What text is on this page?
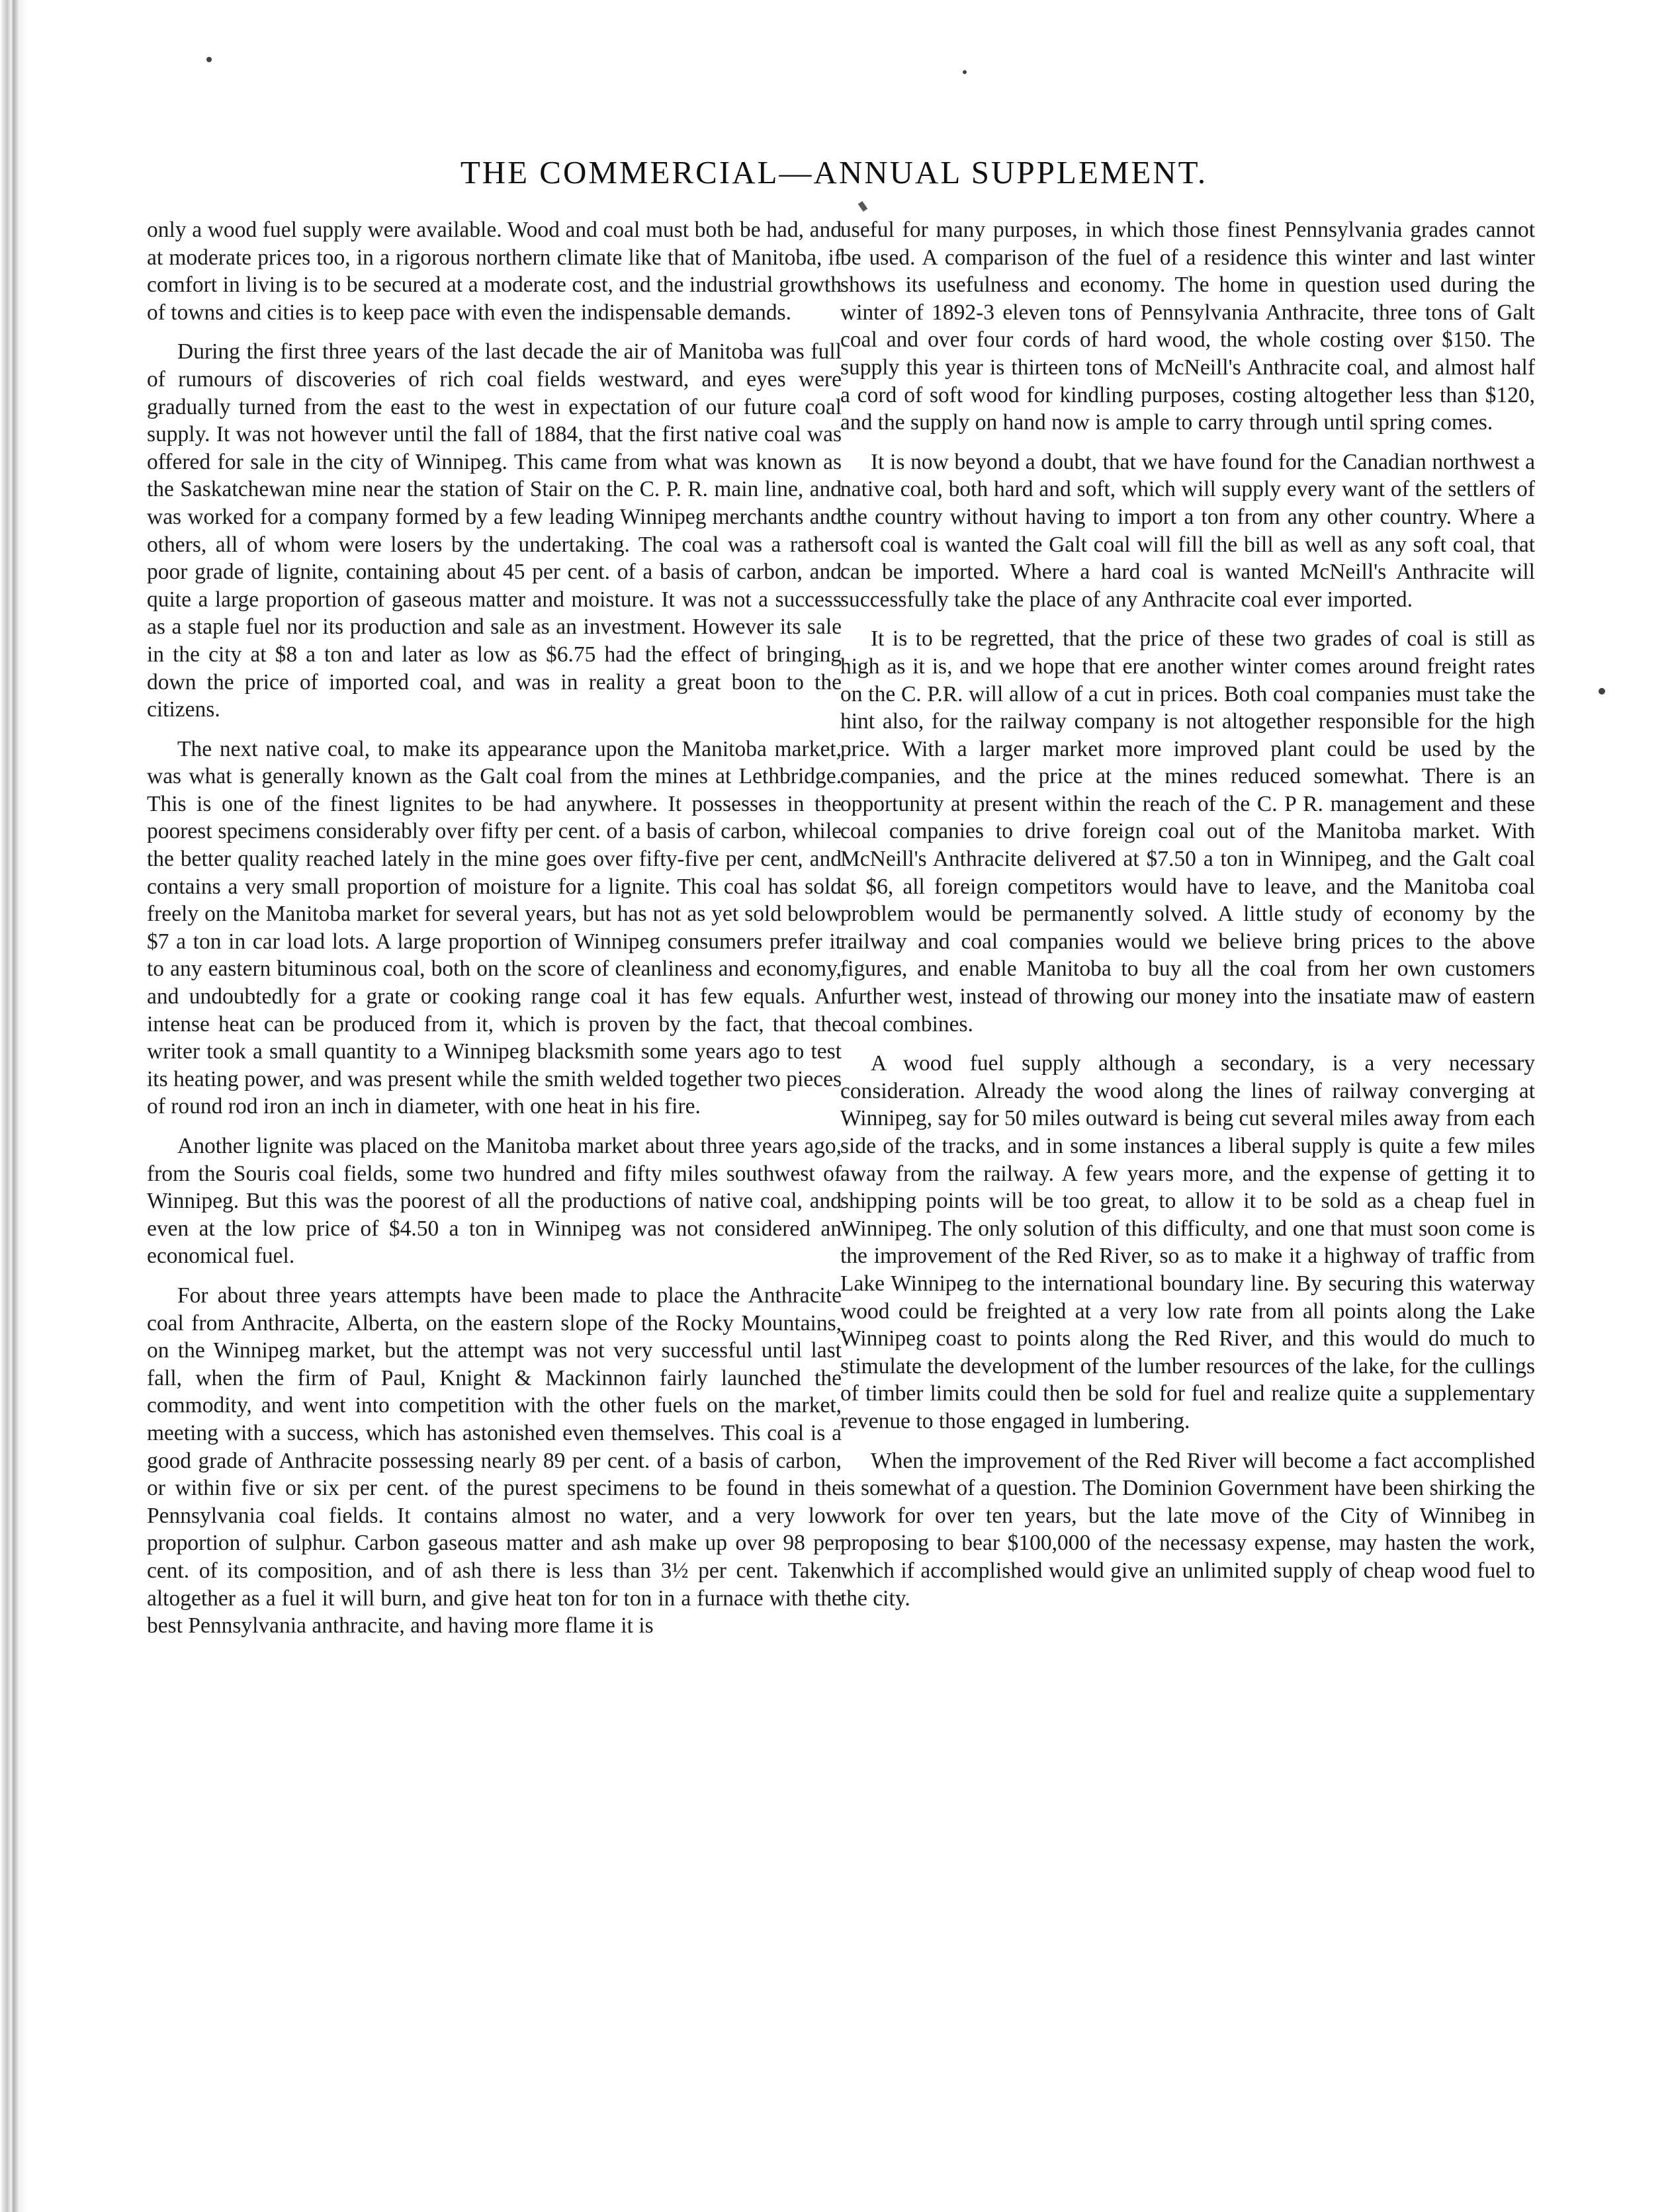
THE COMMERCIAL—ANNUAL SUPPLEMENT.

only a wood fuel supply were available. Wood and coal must both be had, and at moderate prices too, in a rigorous northern climate like that of Manitoba, if comfort in living is to be secured at a moderate cost, and the industrial growth of towns and cities is to keep pace with even the indispensable demands.

During the first three years of the last decade the air of Manitoba was full of rumours of discoveries of rich coal fields westward, and eyes were gradually turned from the east to the west in expectation of our future coal supply. It was not however until the fall of 1884, that the first native coal was offered for sale in the city of Winnipeg. This came from what was known as the Saskatchewan mine near the station of Stair on the C. P. R. main line, and was worked for a company formed by a few leading Winnipeg merchants and others, all of whom were losers by the undertaking. The coal was a rather poor grade of lignite, containing about 45 per cent. of a basis of carbon, and quite a large proportion of gaseous matter and moisture. It was not a success as a staple fuel nor its production and sale as an investment. However its sale in the city at $8 a ton and later as low as $6.75 had the effect of bringing down the price of imported coal, and was in reality a great boon to the citizens.

The next native coal, to make its appearance upon the Manitoba market, was what is generally known as the Galt coal from the mines at Lethbridge. This is one of the finest lignites to be had anywhere. It possesses in the poorest specimens considerably over fifty per cent. of a basis of carbon, while the better quality reached lately in the mine goes over fifty-five per cent, and contains a very small proportion of moisture for a lignite. This coal has sold freely on the Manitoba market for several years, but has not as yet sold below $7 a ton in car load lots. A large proportion of Winnipeg consumers prefer it to any eastern bituminous coal, both on the score of cleanliness and economy, and undoubtedly for a grate or cooking range coal it has few equals. An intense heat can be produced from it, which is proven by the fact, that the writer took a small quantity to a Winnipeg blacksmith some years ago to test its heating power, and was present while the smith welded together two pieces of round rod iron an inch in diameter, with one heat in his fire.

Another lignite was placed on the Manitoba market about three years ago, from the Souris coal fields, some two hundred and fifty miles southwest of Winnipeg. But this was the poorest of all the productions of native coal, and even at the low price of $4.50 a ton in Winnipeg was not considered an economical fuel.

For about three years attempts have been made to place the Anthracite coal from Anthracite, Alberta, on the eastern slope of the Rocky Mountains, on the Winnipeg market, but the attempt was not very successful until last fall, when the firm of Paul, Knight & Mackinnon fairly launched the commodity, and went into competition with the other fuels on the market, meeting with a success, which has astonished even themselves. This coal is a good grade of Anthracite possessing nearly 89 per cent. of a basis of carbon, or within five or six per cent. of the purest specimens to be found in the Pennsylvania coal fields. It contains almost no water, and a very low proportion of sulphur. Carbon gaseous matter and ash make up over 98 per cent. of its composition, and of ash there is less than 3½ per cent. Taken altogether as a fuel it will burn, and give heat ton for ton in a furnace with the best Pennsylvania anthracite, and having more flame it is

useful for many purposes, in which those finest Pennsylvania grades cannot be used. A comparison of the fuel of a residence this winter and last winter shows its usefulness and economy. The home in question used during the winter of 1892-3 eleven tons of Pennsylvania Anthracite, three tons of Galt coal and over four cords of hard wood, the whole costing over $150. The supply this year is thirteen tons of McNeill's Anthracite coal, and almost half a cord of soft wood for kindling purposes, costing altogether less than $120, and the supply on hand now is ample to carry through until spring comes.

It is now beyond a doubt, that we have found for the Canadian northwest a native coal, both hard and soft, which will supply every want of the settlers of the country without having to import a ton from any other country. Where a soft coal is wanted the Galt coal will fill the bill as well as any soft coal, that can be imported. Where a hard coal is wanted McNeill's Anthracite will successfully take the place of any Anthracite coal ever imported.

It is to be regretted, that the price of these two grades of coal is still as high as it is, and we hope that ere another winter comes around freight rates on the C. P.R. will allow of a cut in prices. Both coal companies must take the hint also, for the railway company is not altogether responsible for the high price. With a larger market more improved plant could be used by the companies, and the price at the mines reduced somewhat. There is an opportunity at present within the reach of the C. P R. management and these coal companies to drive foreign coal out of the Manitoba market. With McNeill's Anthracite delivered at $7.50 a ton in Winnipeg, and the Galt coal at $6, all foreign competitors would have to leave, and the Manitoba coal problem would be permanently solved. A little study of economy by the railway and coal companies would we believe bring prices to the above figures, and enable Manitoba to buy all the coal from her own customers further west, instead of throwing our money into the insatiate maw of eastern coal combines.

A wood fuel supply although a secondary, is a very necessary consideration. Already the wood along the lines of railway converging at Winnipeg, say for 50 miles outward is being cut several miles away from each side of the tracks, and in some instances a liberal supply is quite a few miles away from the railway. A few years more, and the expense of getting it to shipping points will be too great, to allow it to be sold as a cheap fuel in Winnipeg. The only solution of this difficulty, and one that must soon come is the improvement of the Red River, so as to make it a highway of traffic from Lake Winnipeg to the international boundary line. By securing this waterway wood could be freighted at a very low rate from all points along the Lake Winnipeg coast to points along the Red River, and this would do much to stimulate the development of the lumber resources of the lake, for the cullings of timber limits could then be sold for fuel and realize quite a supplementary revenue to those engaged in lumbering.

When the improvement of the Red River will become a fact accomplished is somewhat of a question. The Dominion Government have been shirking the work for over ten years, but the late move of the City of Winnibeg in proposing to bear $100,000 of the necessasy expense, may hasten the work, which if accomplished would give an unlimited supply of cheap wood fuel to the city.
